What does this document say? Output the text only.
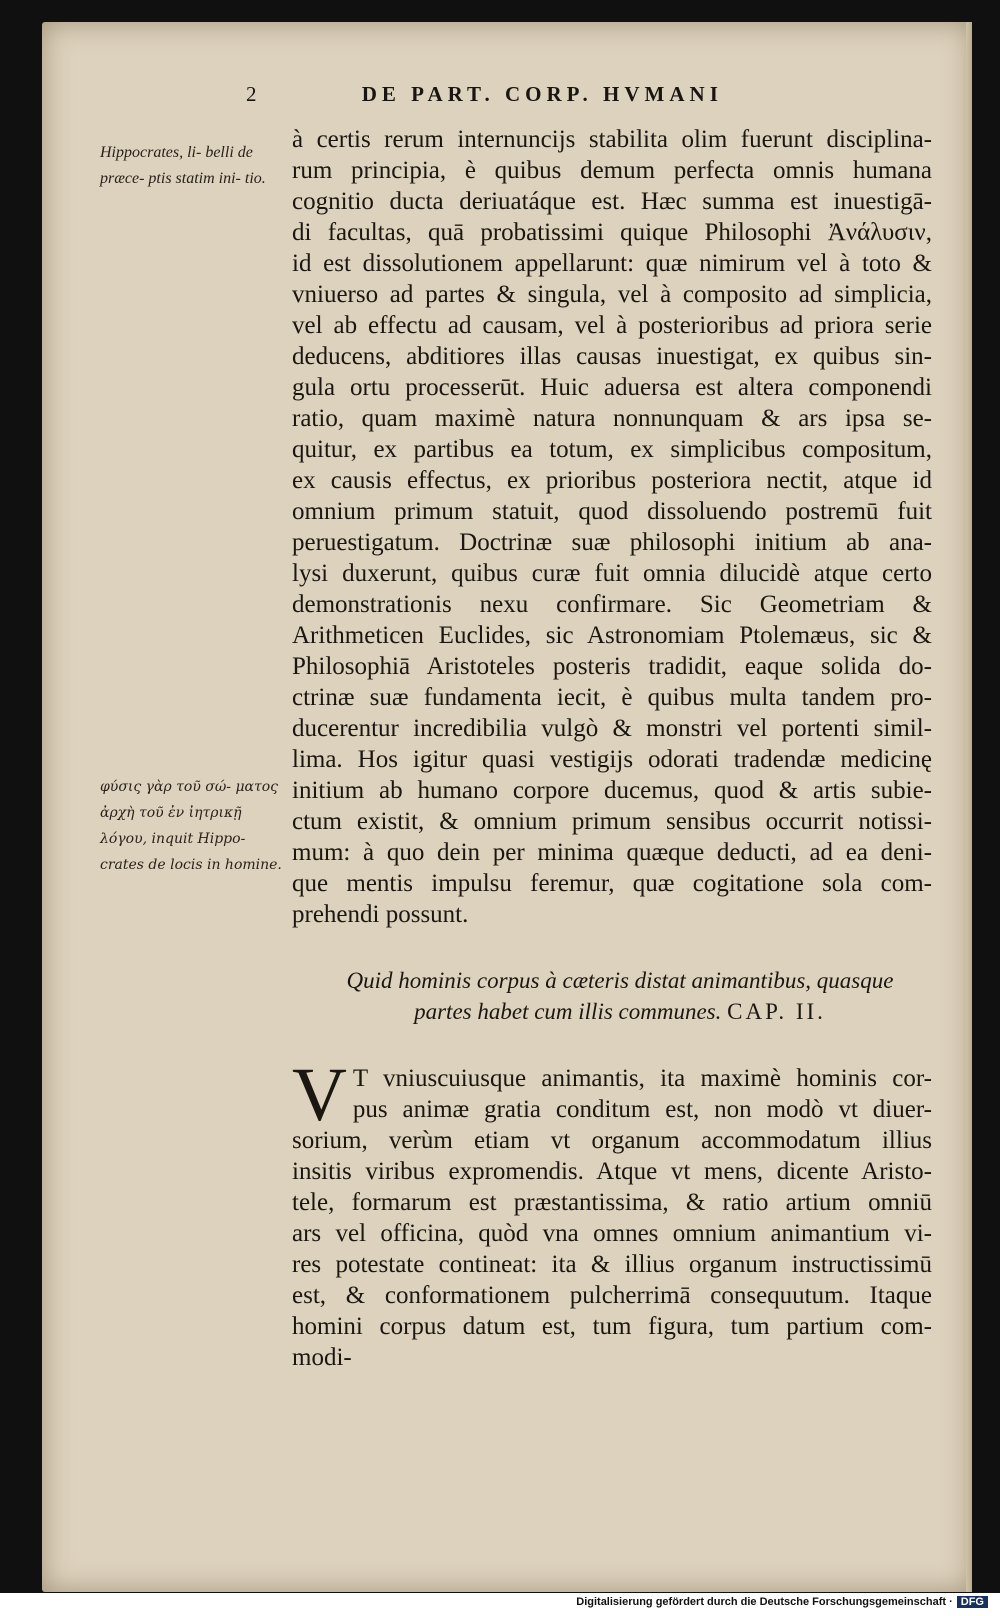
2	DE PART. CORP. HVMANI
Hippocrates, li- belli de præce- ptis statim ini- tio.
φύσις γὰρ τοῦ σώ- ματος ἀρχὴ τοῦ ἐν ἰητρικῇ λόγου, inquit Hippo- crates de locis in homine.
à certis rerum internuncijs stabilita olim fuerunt disciplina-
rum principia, è quibus demum perfecta omnis humana
cognitio ducta deriuatáque est. Hæc summa est inuestigā-
di facultas, quā probatissimi quique Philosophi Ἀνάλυσιν,
id est dissolutionem appellarunt: quæ nimirum vel à toto &
vniuerso ad partes & singula, vel à composito ad simplicia,
vel ab effectu ad causam, vel à posterioribus ad priora serie
deducens, abditiores illas causas inuestigat, ex quibus sin-
gula ortu processerūt. Huic aduersa est altera componendi
ratio, quam maximè natura nonnunquam & ars ipsa se-
quitur, ex partibus ea totum, ex simplicibus compositum,
ex causis effectus, ex prioribus posteriora nectit, atque id
omnium primum statuit, quod dissoluendo postremū fuit
peruestigatum. Doctrinæ suæ philosophi initium ab ana-
lysi duxerunt, quibus curæ fuit omnia dilucidè atque certo
demonstrationis nexu confirmare. Sic Geometriam &
Arithmeticen Euclides, sic Astronomiam Ptolemæus, sic &
Philosophiā Aristoteles posteris tradidit, eaque solida do-
ctrinæ suæ fundamenta iecit, è quibus multa tandem pro-
ducerentur incredibilia vulgò & monstri vel portenti simil-
lima. Hos igitur quasi vestigijs odorati tradendæ medicinę
initium ab humano corpore ducemus, quod & artis subie-
ctum existit, & omnium primum sensibus occurrit notissi-
mum: à quo dein per minima quæque deducti, ad ea deni-
que mentis impulsu feremur, quæ cogitatione sola com-
prehendi possunt.
Quid hominis corpus à cæteris distat animantibus, quasque
partes habet cum illis communes. CAP. II.
V T vniuscuiusque animantis, ita maximè hominis cor-
pus animæ gratia conditum est, non modò vt diuer-
sorium, verùm etiam vt organum accommodatum illius
insitis viribus expromendis. Atque vt mens, dicente Aristo-
tele, formarum est præstantissima, & ratio artium omniū
ars vel officina, quòd vna omnes omnium animantium vi-
res potestate contineat: ita & illius organum instructissimū
est, & conformationem pulcherrimā consequutum. Itaque
homini corpus datum est, tum figura, tum partium com-
modi-
Digitalisierung gefördert durch die Deutsche Forschungsgemeinschaft · DFG
